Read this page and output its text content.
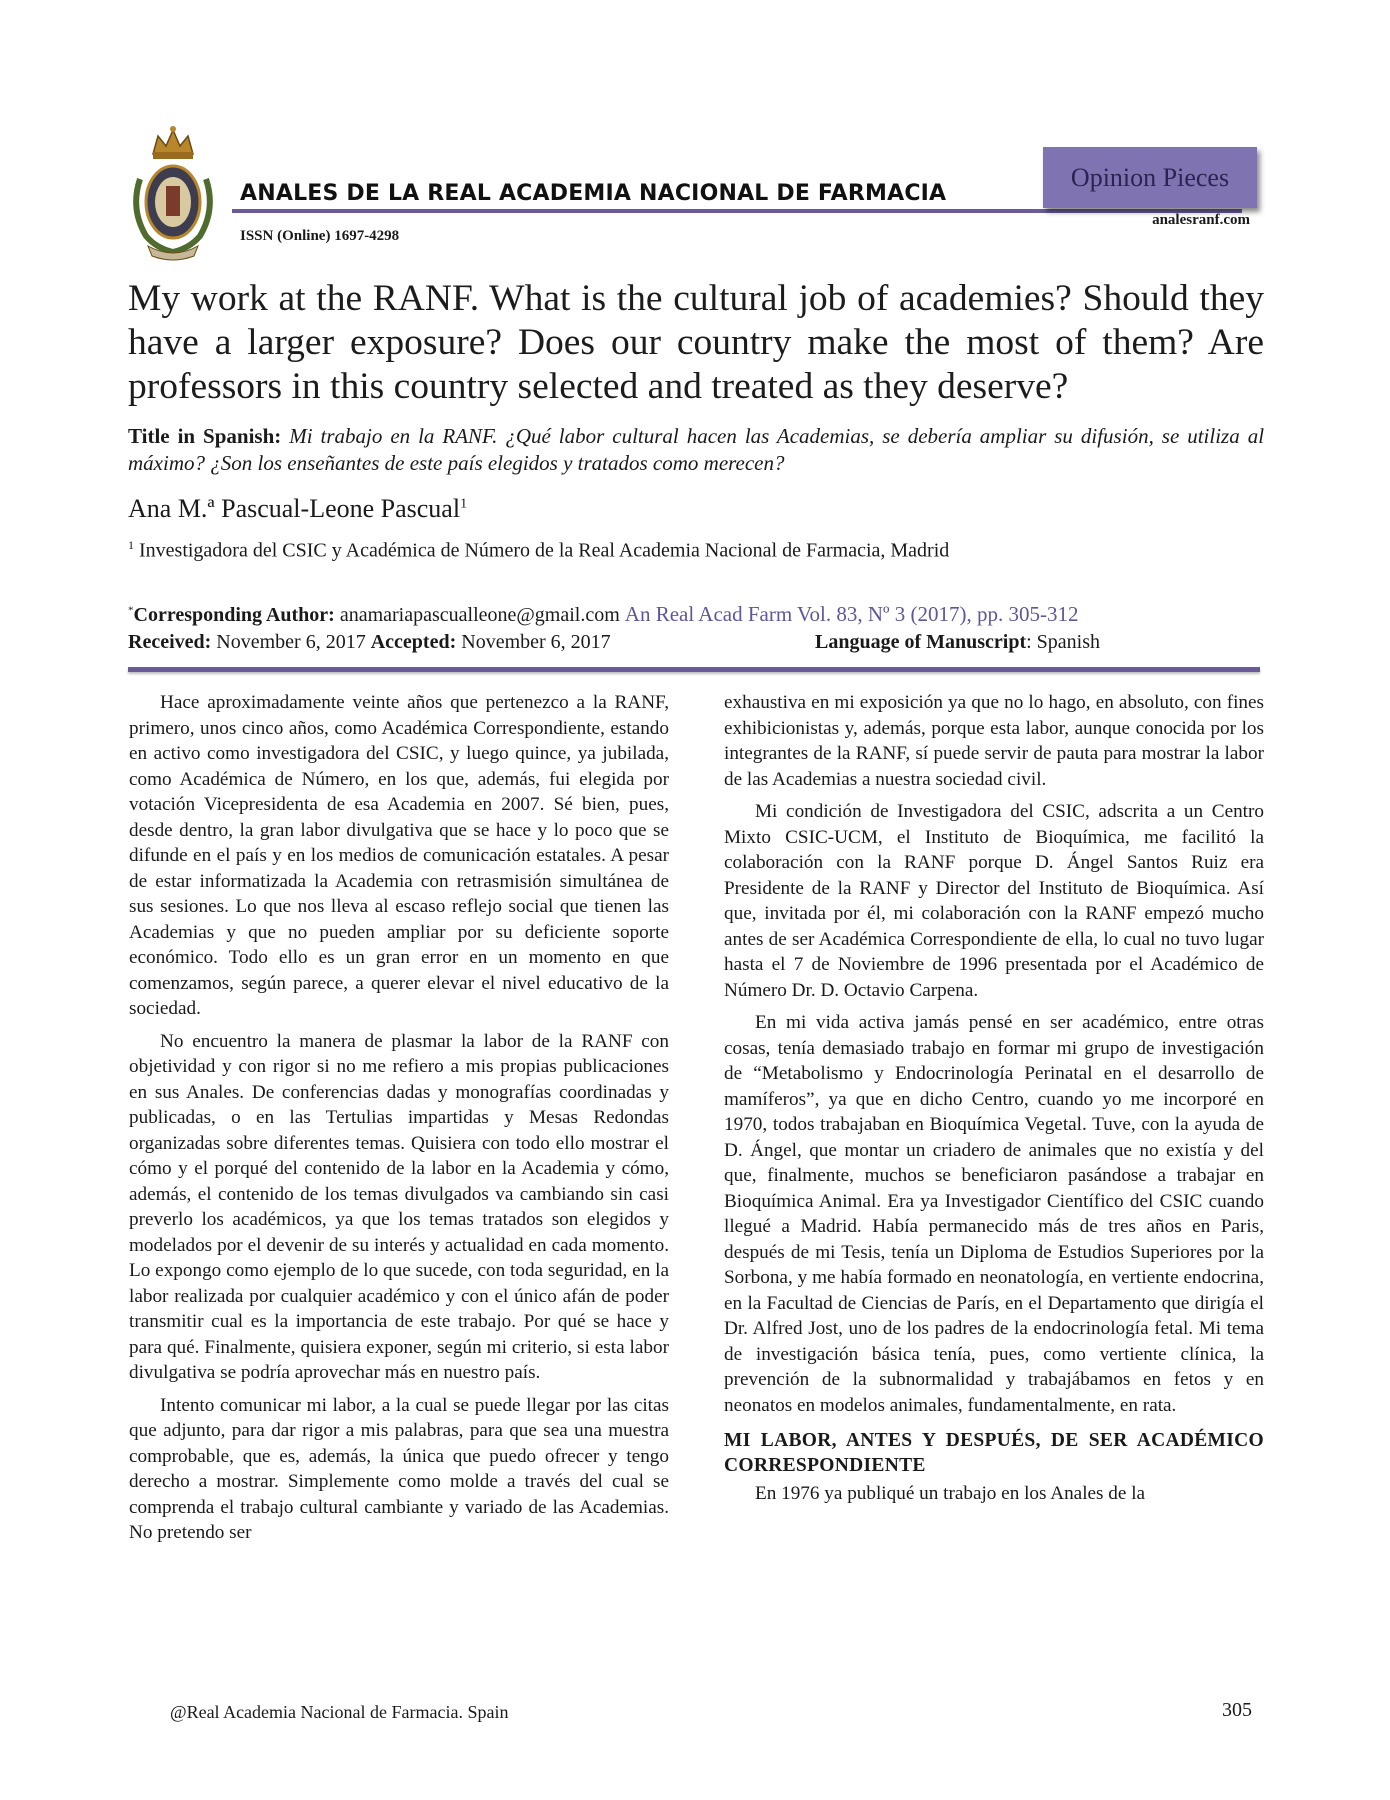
ANALES DE LA REAL ACADEMIA NACIONAL DE FARMACIA
Opinion Pieces
analesranf.com
ISSN (Online) 1697-4298
My work at the RANF. What is the cultural job of academies? Should they have a larger exposure? Does our country make the most of them? Are professors in this country selected and treated as they deserve?
Title in Spanish: Mi trabajo en la RANF. ¿Qué labor cultural hacen las Academias, se debería ampliar su difusión, se utiliza al máximo? ¿Son los enseñantes de este país elegidos y tratados como merecen?
Ana M.ª Pascual-Leone Pascual$^1$
$^1$ Investigadora del CSIC y Académica de Número de la Real Academia Nacional de Farmacia, Madrid
*Corresponding Author: anamariapascualleone@gmail.com An Real Acad Farm Vol. 83, Nº 3 (2017), pp. 305-312
Received: November 6, 2017 Accepted: November 6, 2017	Language of Manuscript: Spanish

Hace aproximadamente veinte años que pertenezco a la RANF, primero, unos cinco años, como Académica Correspondiente, estando en activo como investigadora del CSIC, y luego quince, ya jubilada, como Académica de Número, en los que, además, fui elegida por votación Vicepresidenta de esa Academia en 2007. Sé bien, pues, desde dentro, la gran labor divulgativa que se hace y lo poco que se difunde en el país y en los medios de comunicación estatales. A pesar de estar informatizada la Academia con retrasmisión simultánea de sus sesiones. Lo que nos lleva al escaso reflejo social que tienen las Academias y que no pueden ampliar por su deficiente soporte económico. Todo ello es un gran error en un momento en que comenzamos, según parece, a querer elevar el nivel educativo de la sociedad.

No encuentro la manera de plasmar la labor de la RANF con objetividad y con rigor si no me refiero a mis propias publicaciones en sus Anales. De conferencias dadas y monografías coordinadas y publicadas, o en las Tertulias impartidas y Mesas Redondas organizadas sobre diferentes temas. Quisiera con todo ello mostrar el cómo y el porqué del contenido de la labor en la Academia y cómo, además, el contenido de los temas divulgados va cambiando sin casi preverlo los académicos, ya que los temas tratados son elegidos y modelados por el devenir de su interés y actualidad en cada momento. Lo expongo como ejemplo de lo que sucede, con toda seguridad, en la labor realizada por cualquier académico y con el único afán de poder transmitir cual es la importancia de este trabajo. Por qué se hace y para qué. Finalmente, quisiera exponer, según mi criterio, si esta labor divulgativa se podría aprovechar más en nuestro país.

Intento comunicar mi labor, a la cual se puede llegar por las citas que adjunto, para dar rigor a mis palabras, para que sea una muestra comprobable, que es, además, la única que puedo ofrecer y tengo derecho a mostrar. Simplemente como molde a través del cual se comprenda el trabajo cultural cambiante y variado de las Academias. No pretendo ser

exhaustiva en mi exposición ya que no lo hago, en absoluto, con fines exhibicionistas y, además, porque esta labor, aunque conocida por los integrantes de la RANF, sí puede servir de pauta para mostrar la labor de las Academias a nuestra sociedad civil.

Mi condición de Investigadora del CSIC, adscrita a un Centro Mixto CSIC-UCM, el Instituto de Bioquímica, me facilitó la colaboración con la RANF porque D. Ángel Santos Ruiz era Presidente de la RANF y Director del Instituto de Bioquímica. Así que, invitada por él, mi colaboración con la RANF empezó mucho antes de ser Académica Correspondiente de ella, lo cual no tuvo lugar hasta el 7 de Noviembre de 1996 presentada por el Académico de Número Dr. D. Octavio Carpena.

En mi vida activa jamás pensé en ser académico, entre otras cosas, tenía demasiado trabajo en formar mi grupo de investigación de “Metabolismo y Endocrinología Perinatal en el desarrollo de mamíferos”, ya que en dicho Centro, cuando yo me incorporé en 1970, todos trabajaban en Bioquímica Vegetal. Tuve, con la ayuda de D. Ángel, que montar un criadero de animales que no existía y del que, finalmente, muchos se beneficiaron pasándose a trabajar en Bioquímica Animal. Era ya Investigador Científico del CSIC cuando llegué a Madrid. Había permanecido más de tres años en Paris, después de mi Tesis, tenía un Diploma de Estudios Superiores por la Sorbona, y me había formado en neonatología, en vertiente endocrina, en la Facultad de Ciencias de París, en el Departamento que dirigía el Dr. Alfred Jost, uno de los padres de la endocrinología fetal. Mi tema de investigación básica tenía, pues, como vertiente clínica, la prevención de la subnormalidad y trabajábamos en fetos y en neonatos en modelos animales, fundamentalmente, en rata.

MI LABOR, ANTES Y DESPUÉS, DE SER ACADÉMICO CORRESPONDIENTE

En 1976 ya publiqué un trabajo en los Anales de la

@Real Academia Nacional de Farmacia. Spain	305
